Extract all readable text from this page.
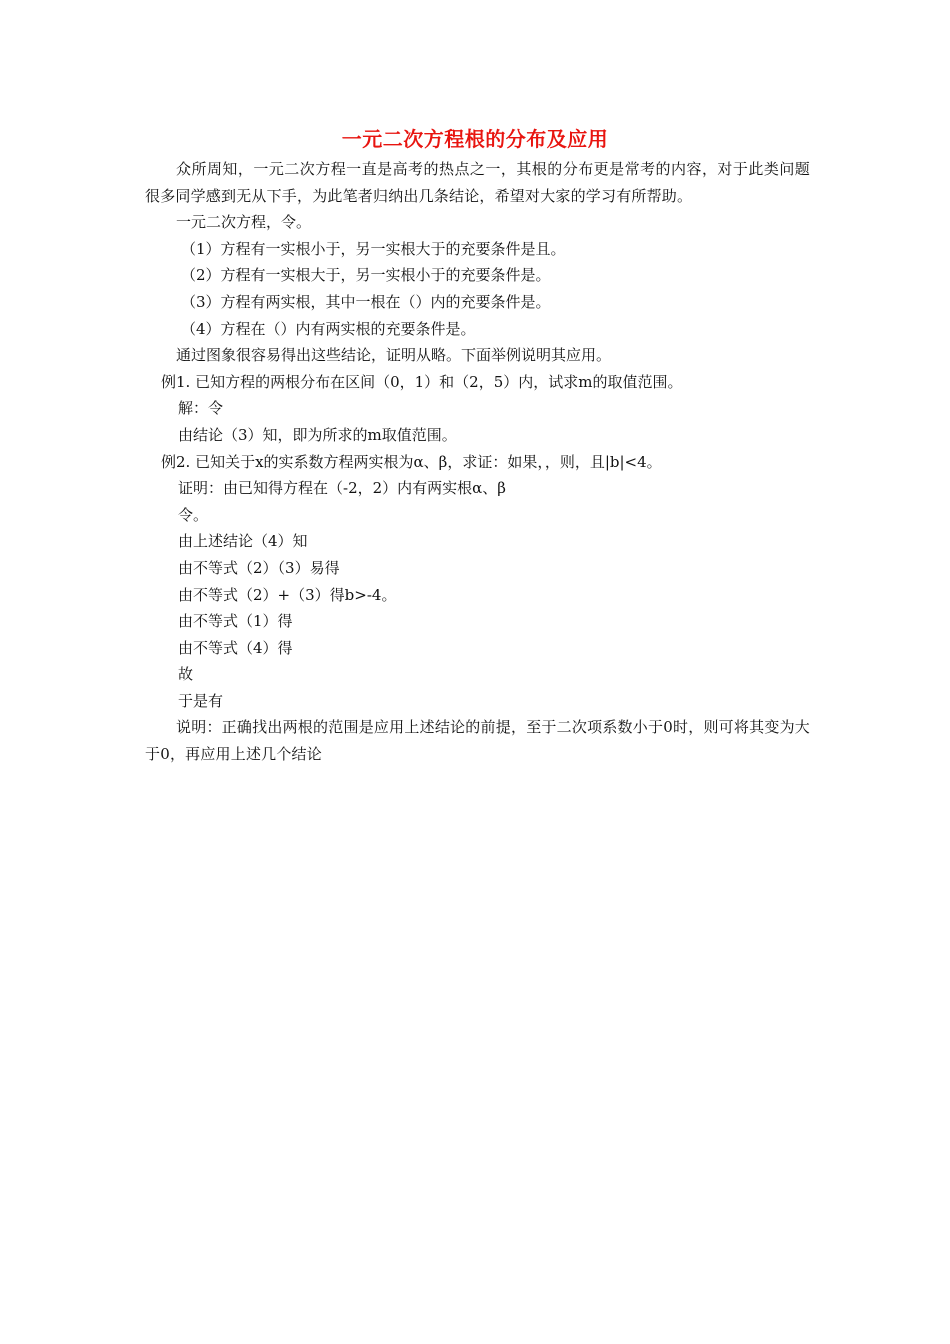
一元二次方程根的分布及应用

众所周知，一元二次方程一直是高考的热点之一，其根的分布更是常考的内容，对于此类问题很多同学感到无从下手，为此笔者归纳出几条结论，希望对大家的学习有所帮助。

一元二次方程，令。

（1）方程有一实根小于，另一实根大于的充要条件是且。

（2）方程有一实根大于，另一实根小于的充要条件是。

（3）方程有两实根，其中一根在（）内的充要条件是。

（4）方程在（）内有两实根的充要条件是。

通过图象很容易得出这些结论，证明从略。下面举例说明其应用。

例1. 已知方程的两根分布在区间（0，1）和（2，5）内，试求m的取值范围。

解：令

由结论（3）知，即为所求的m取值范围。

例2. 已知关于x的实系数方程两实根为α、β，求证：如果，，则，且|b|<4。

证明：由已知得方程在（-2，2）内有两实根α、β

令。

由上述结论（4）知

由不等式（2）（3）易得

由不等式（2）+（3）得b>-4。

由不等式（1）得

由不等式（4）得

故

于是有

说明：正确找出两根的范围是应用上述结论的前提，至于二次项系数小于0时，则可将其变为大于0，再应用上述几个结论
